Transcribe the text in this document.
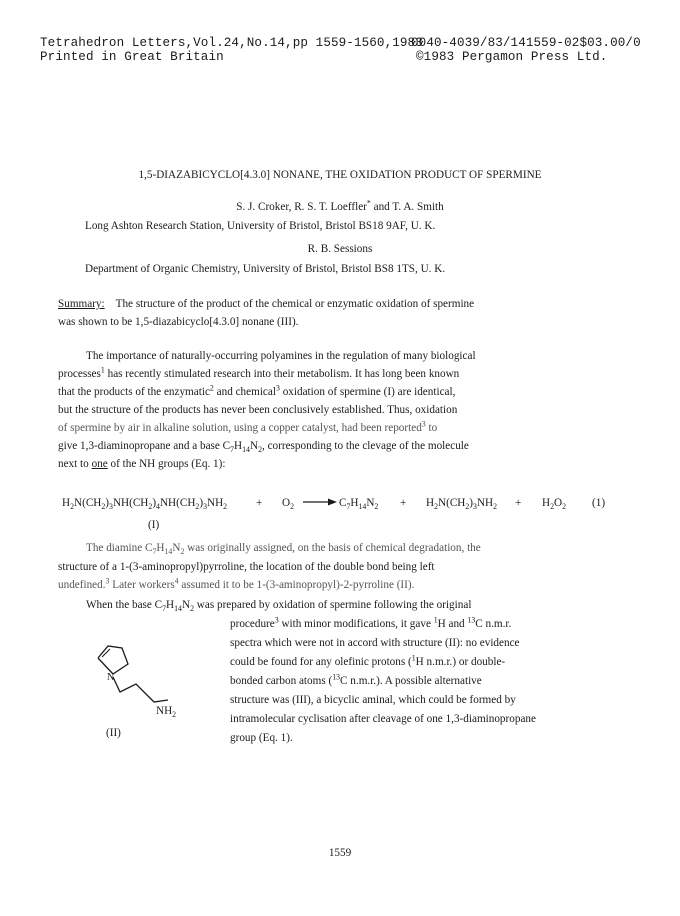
Tetrahedron Letters,Vol.24,No.14,pp 1559-1560,1983
Printed in Great Britain
0040-4039/83/141559-02$03.00/0
©1983 Pergamon Press Ltd.
1,5-DIAZABICYCLO[4.3.0] NONANE, THE OXIDATION PRODUCT OF SPERMINE
S. J. Croker, R. S. T. Loeffler* and T. A. Smith
Long Ashton Research Station, University of Bristol, Bristol BS18 9AF, U. K.
R. B. Sessions
Department of Organic Chemistry, University of Bristol, Bristol BS8 1TS, U. K.
Summary: The structure of the product of the chemical or enzymatic oxidation of spermine
was shown to be 1,5-diazabicyclo[4.3.0] nonane (III).
The importance of naturally-occurring polyamines in the regulation of many biological
processes$^1$ has recently stimulated research into their metabolism. It has long been known
that the products of the enzymatic$^2$ and chemical$^3$ oxidation of spermine (I) are identical,
but the structure of the products has never been conclusively established. Thus, oxidation
of spermine by air in alkaline solution, using a copper catalyst, had been reported$^3$ to
give 1,3-diaminopropane and a base $C_7H_{14}N_2$, corresponding to the clevage of the molecule
next to one of the NH groups (Eq. 1):
$H_2N(CH_2)_3NH(CH_2)_4NH(CH_2)_3NH_2$	+ $O_2 \to C_7H_{14}N_2 + H_2N(CH_2)_3NH_2 + H_2O_2$ (1)
(I)
The diamine $C_7H_{14}N_2$ was originally assigned, on the basis of chemical degradation, the
structure of a 1-(3-aminopropyl)pyrroline, the location of the double bond being left
undefined.$^3$ Later workers$^4$ assumed it to be 1-(3-aminopropyl)-2-pyrroline (II).
When the base $C_7H_{14}N_2$ was prepared by oxidation of spermine following the original
procedure$^3$ with minor modifications, it gave $^1$H and $^{13}$C n.m.r.
spectra which were not in accord with structure (II): no evidence
could be found for any olefinic protons ($^1$H n.m.r.) or double-
bonded carbon atoms ($^{13}$C n.m.r.). A possible alternative
structure was (III), a bicyclic aminal, which could be formed by
intramolecular cyclisation after cleavage of one 1,3-diaminopropane
group (Eq. 1).
N
$NH_2$
(II)
1559
